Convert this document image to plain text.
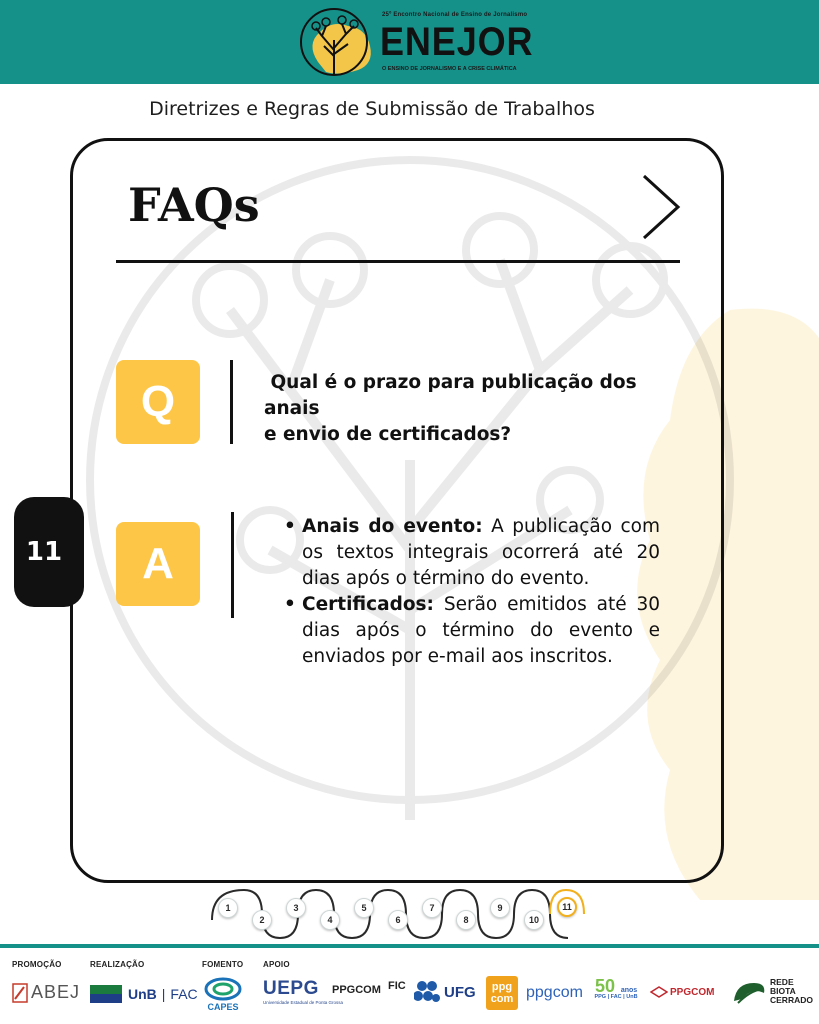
25º Encontro Nacional de Ensino de Jornalismo
ENEJOR
O ENSINO DE JORNALISMO E A CRISE CLIMÁTICA
Diretrizes e Regras de Submissão de Trabalhos
FAQs
Q	Qual é o prazo para publicação dos anais
e envio de certificados?
A
• Anais do evento: A publicação com os textos integrais ocorrerá até 20 dias após o término do evento.
• Certificados: Serão emitidos até 30 dias após o término do evento e enviados por e-mail aos inscritos.
11
1
2
3
4
5
6
7
8
9
10
11
PROMOÇÃO	REALIZAÇÃO	FOMENTO APOIO
ABEJ	UnB | FAC
CAPES
UEPG
Universidade Estadual de Ponta Grossa
PPGCOM FIC	UFG ppg
com ppgcom 50 anos
PPG | FAC | UnB	PPGCOM
REDE
BIOTA
CERRADO
